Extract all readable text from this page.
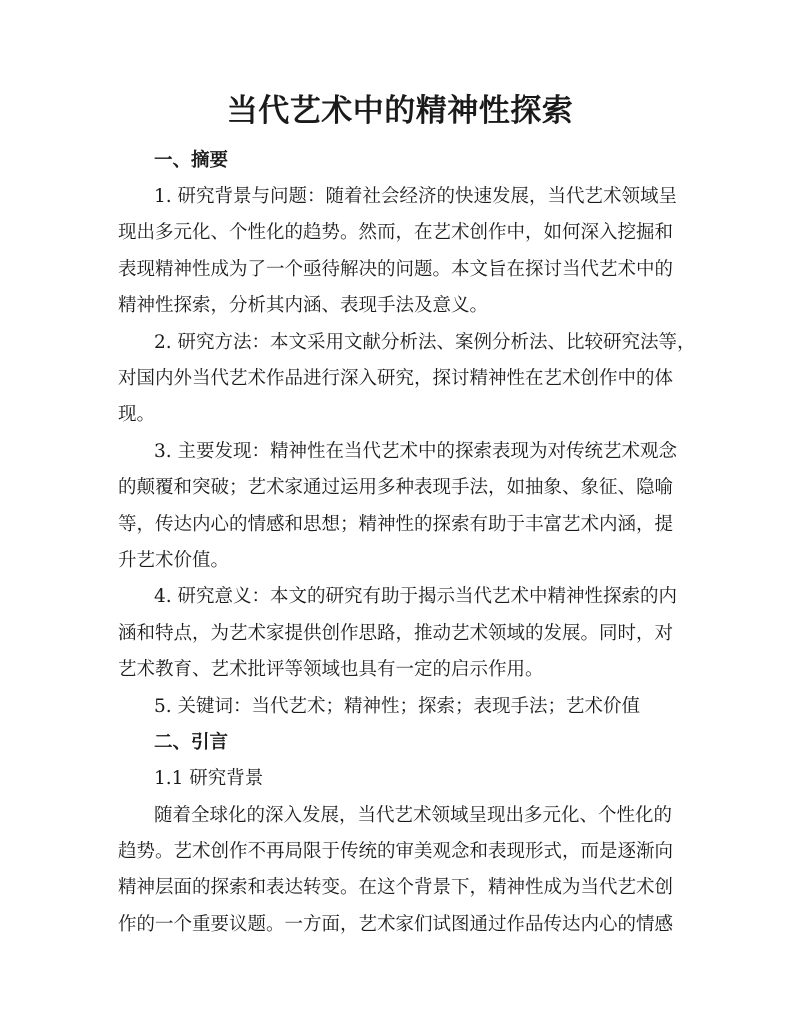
当代艺术中的精神性探索
一、摘要

1. 研究背景与问题：随着社会经济的快速发展，当代艺术领域呈
现出多元化、个性化的趋势。然而，在艺术创作中，如何深入挖掘和
表现精神性成为了一个亟待解决的问题。本文旨在探讨当代艺术中的
精神性探索，分析其内涵、表现手法及意义。

2. 研究方法：本文采用文献分析法、案例分析法、比较研究法等，
对国内外当代艺术作品进行深入研究，探讨精神性在艺术创作中的体
现。

3. 主要发现：精神性在当代艺术中的探索表现为对传统艺术观念
的颠覆和突破；艺术家通过运用多种表现手法，如抽象、象征、隐喻
等，传达内心的情感和思想；精神性的探索有助于丰富艺术内涵，提
升艺术价值。

4. 研究意义：本文的研究有助于揭示当代艺术中精神性探索的内
涵和特点，为艺术家提供创作思路，推动艺术领域的发展。同时，对
艺术教育、艺术批评等领域也具有一定的启示作用。

5. 关键词：当代艺术；精神性；探索；表现手法；艺术价值

二、引言

1.1 研究背景

随着全球化的深入发展，当代艺术领域呈现出多元化、个性化的
趋势。艺术创作不再局限于传统的审美观念和表现形式，而是逐渐向
精神层面的探索和表达转变。在这个背景下，精神性成为当代艺术创
作的一个重要议题。一方面，艺术家们试图通过作品传达内心的情感
